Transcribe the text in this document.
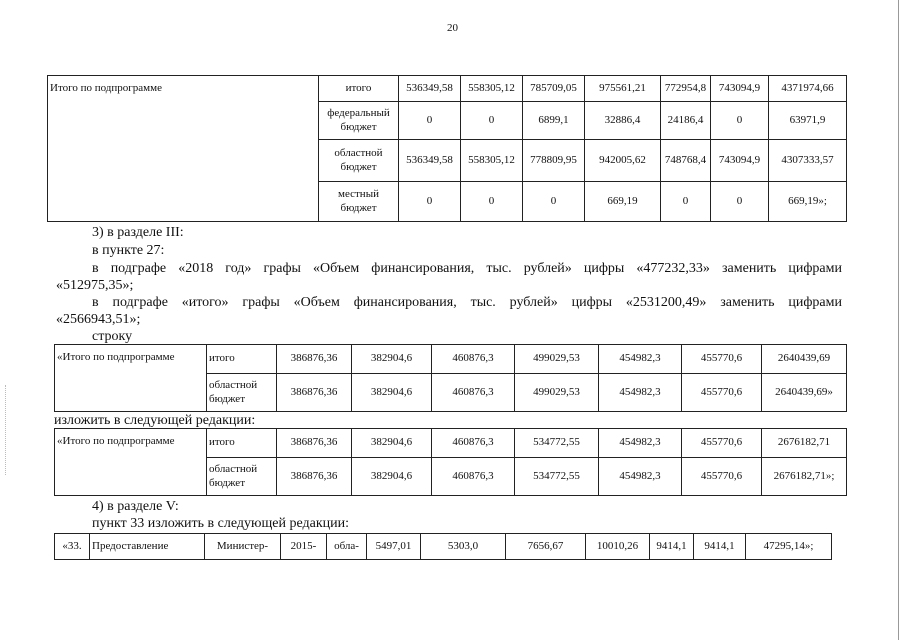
20
Итого по подпрограмме	итого	536349,58	558305,12	785709,05	975561,21	772954,8	743094,9	4371974,66
	федеральный бюджет	0	0	6899,1	32886,4	24186,4	0	63971,9
	областной бюджет	536349,58	558305,12	778809,95	942005,62	748768,4	743094,9	4307333,57
	местный бюджет	0	0	0	669,19	0	0	669,19»;
3) в разделе III:
в пункте 27:
в подграфе «2018 год» графы «Объем финансирования, тыс. рублей» цифры «477232,33» заменить цифрами
«512975,35»;
в подграфе «итого» графы «Объем финансирования, тыс. рублей» цифры «2531200,49» заменить цифрами
«2566943,51»;
строку
«Итого по подпрограмме	итого	386876,36	382904,6	460876,3	499029,53	454982,3	455770,6	2640439,69
	областной бюджет	386876,36	382904,6	460876,3	499029,53	454982,3	455770,6	2640439,69»
изложить в следующей редакции:
«Итого по подпрограмме	итого	386876,36	382904,6	460876,3	534772,55	454982,3	455770,6	2676182,71
	областной бюджет	386876,36	382904,6	460876,3	534772,55	454982,3	455770,6	2676182,71»;
4) в разделе V:
пункт 33 изложить в следующей редакции:
«33.	Предоставление	Министер-	2015-	обла-	5497,01	5303,0	7656,67	10010,26	9414,1	9414,1	47295,14»;
